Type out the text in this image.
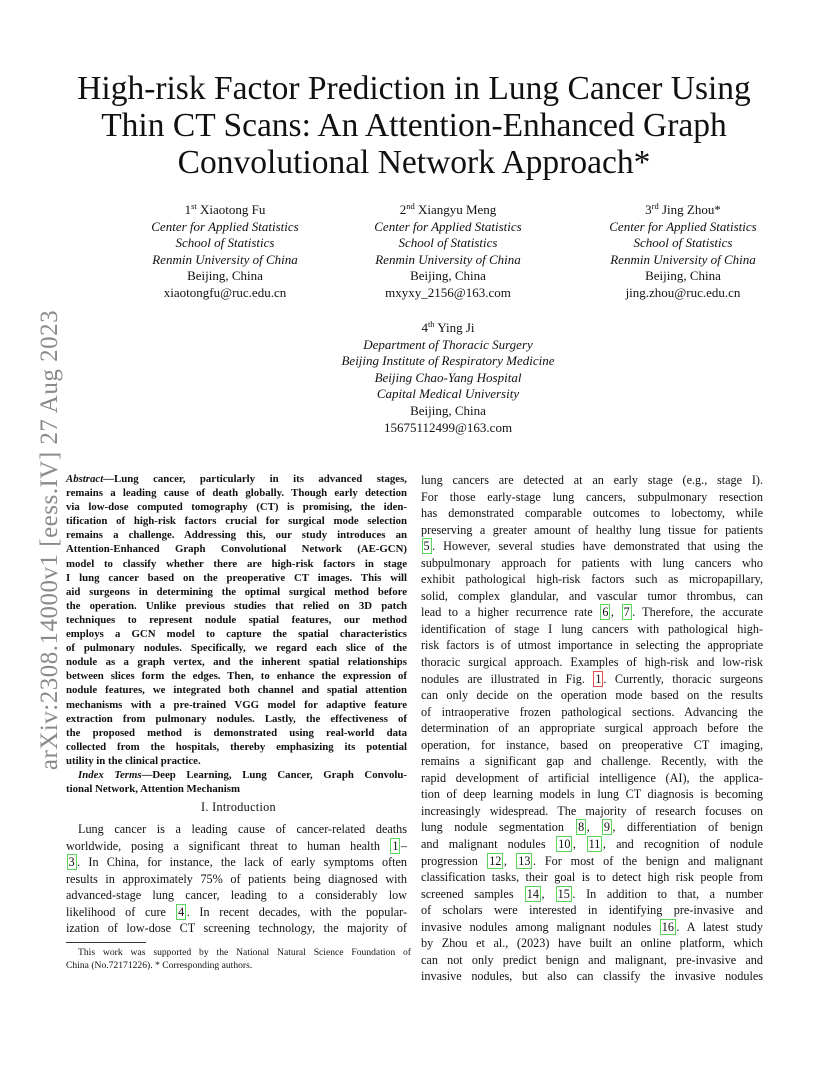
arXiv:2308.14000v1 [eess.IV] 27 Aug 2023
High-risk Factor Prediction in Lung Cancer Using
Thin CT Scans: An Attention-Enhanced Graph
Convolutional Network Approach*
1st Xiaotong Fu
Center for Applied Statistics
School of Statistics
Renmin University of China
Beijing, China
xiaotongfu@ruc.edu.cn
2nd Xiangyu Meng
Center for Applied Statistics
School of Statistics
Renmin University of China
Beijing, China
mxyxy_2156@163.com
3rd Jing Zhou*
Center for Applied Statistics
School of Statistics
Renmin University of China
Beijing, China
jing.zhou@ruc.edu.cn
4th Ying Ji
Department of Thoracic Surgery
Beijing Institute of Respiratory Medicine
Beijing Chao-Yang Hospital
Capital Medical University
Beijing, China
15675112499@163.com
Abstract—Lung cancer, particularly in its advanced stages,
remains a leading cause of death globally. Though early detection
via low-dose computed tomography (CT) is promising, the iden-
tification of high-risk factors crucial for surgical mode selection
remains a challenge. Addressing this, our study introduces an
Attention-Enhanced Graph Convolutional Network (AE-GCN)
model to classify whether there are high-risk factors in stage
I lung cancer based on the preoperative CT images. This will
aid surgeons in determining the optimal surgical method before
the operation. Unlike previous studies that relied on 3D patch
techniques to represent nodule spatial features, our method
employs a GCN model to capture the spatial characteristics
of pulmonary nodules. Specifically, we regard each slice of the
nodule as a graph vertex, and the inherent spatial relationships
between slices form the edges. Then, to enhance the expression of
nodule features, we integrated both channel and spatial attention
mechanisms with a pre-trained VGG model for adaptive feature
extraction from pulmonary nodules. Lastly, the effectiveness of
the proposed method is demonstrated using real-world data
collected from the hospitals, thereby emphasizing its potential
utility in the clinical practice.
Index Terms—Deep Learning, Lung Cancer, Graph Convolu-
tional Network, Attention Mechanism
I. Introduction
Lung cancer is a leading cause of cancer-related deaths
worldwide, posing a significant threat to human health 1 –
3 . In China, for instance, the lack of early symptoms often
results in approximately 75% of patients being diagnosed with
advanced-stage lung cancer, leading to a considerably low
likelihood of cure 4 . In recent decades, with the popular-
ization of low-dose CT screening technology, the majority of
This work was supported by the National Natural Science Foundation of
China (No.72171226). * Corresponding authors.
lung cancers are detected at an early stage (e.g., stage I).
For those early-stage lung cancers, subpulmonary resection
has demonstrated comparable outcomes to lobectomy, while
preserving a greater amount of healthy lung tissue for patients
5 . However, several studies have demonstrated that using the
subpulmonary approach for patients with lung cancers who
exhibit pathological high-risk factors such as micropapillary,
solid, complex glandular, and vascular tumor thrombus, can
lead to a higher recurrence rate 6 , 7 . Therefore, the accurate
identification of stage I lung cancers with pathological high-
risk factors is of utmost importance in selecting the appropriate
thoracic surgical approach. Examples of high-risk and low-risk
nodules are illustrated in Fig. 1 . Currently, thoracic surgeons
can only decide on the operation mode based on the results
of intraoperative frozen pathological sections. Advancing the
determination of an appropriate surgical approach before the
operation, for instance, based on preoperative CT imaging,
remains a significant gap and challenge. Recently, with the
rapid development of artificial intelligence (AI), the applica-
tion of deep learning models in lung CT diagnosis is becoming
increasingly widespread. The majority of research focuses on
lung nodule segmentation 8 , 9 , differentiation of benign
and malignant nodules 10 , 11 , and recognition of nodule
progression 12 , 13 . For most of the benign and malignant
classification tasks, their goal is to detect high risk people from
screened samples 14 , 15 . In addition to that, a number
of scholars were interested in identifying pre-invasive and
invasive nodules among malignant nodules 16 . A latest study
by Zhou et al., (2023) have built an online platform, which
can not only predict benign and malignant, pre-invasive and
invasive nodules, but also can classify the invasive nodules
